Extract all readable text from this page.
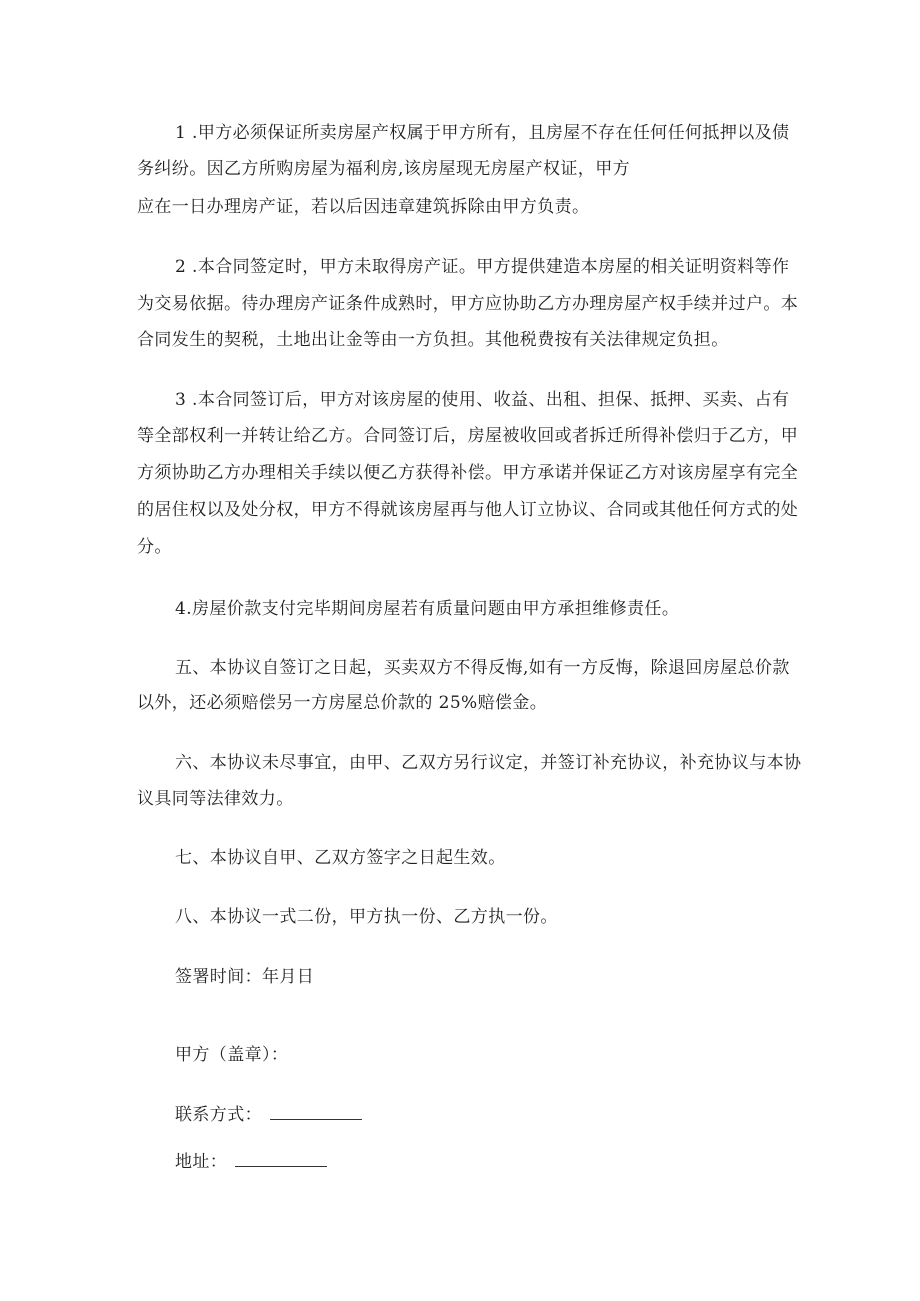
1 .甲方必须保证所卖房屋产权属于甲方所有，且房屋不存在任何任何抵押以及债
务纠纷。因乙方所购房屋为福利房,该房屋现无房屋产权证，甲方
应在一日办理房产证，若以后因违章建筑拆除由甲方负责。
2 .本合同签定时，甲方未取得房产证。甲方提供建造本房屋的相关证明资料等作
为交易依据。待办理房产证条件成熟时，甲方应协助乙方办理房屋产权手续并过户。本
合同发生的契税，土地出让金等由一方负担。其他税费按有关法律规定负担。
3 .本合同签订后，甲方对该房屋的使用、收益、出租、担保、抵押、买卖、占有
等全部权利一并转让给乙方。合同签订后，房屋被收回或者拆迁所得补偿归于乙方，甲
方须协助乙方办理相关手续以便乙方获得补偿。甲方承诺并保证乙方对该房屋享有完全
的居住权以及处分权，甲方不得就该房屋再与他人订立协议、合同或其他任何方式的处
分。
4.房屋价款支付完毕期间房屋若有质量问题由甲方承担维修责任。
五、本协议自签订之日起，买卖双方不得反悔,如有一方反悔，除退回房屋总价款
以外，还必须赔偿另一方房屋总价款的 25%赔偿金。
六、本协议未尽事宜，由甲、乙双方另行议定，并签订补充协议，补充协议与本协
议具同等法律效力。
七、本协议自甲、乙双方签字之日起生效。
八、本协议一式二份，甲方执一份、乙方执一份。
签署时间：年月日
甲方（盖章）：
联系方式：
地址：
